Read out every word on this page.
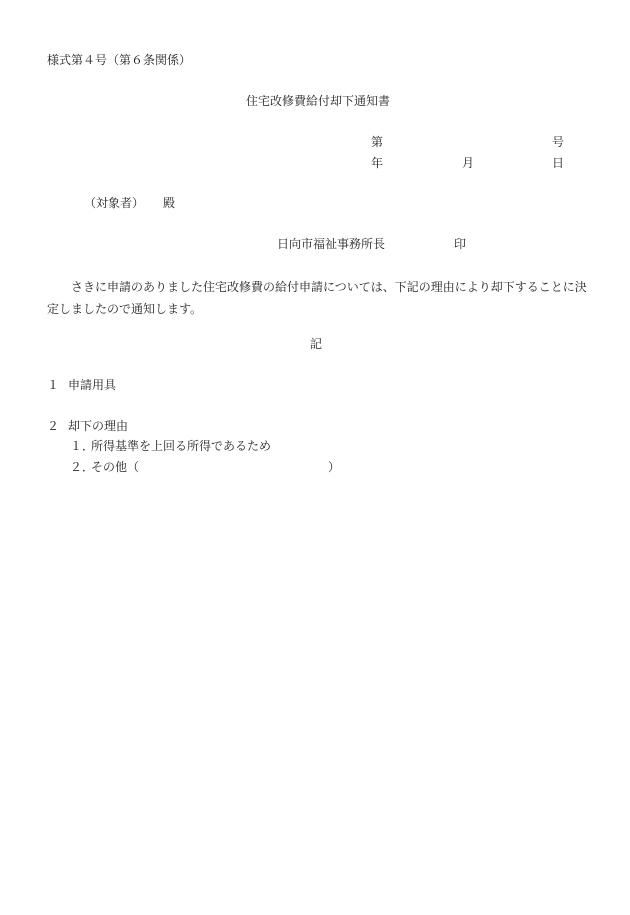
様式第４号（第６条関係）
住宅改修費給付却下通知書
第	号
年	月	日
（対象者） 殿
日向市福祉事務所長	印
さきに申請のありました住宅改修費の給付申請については、下記の理由により却下することに決定しましたので通知します。
記
１ 申請用具
２ 却下の理由
１．
所得基準を上回る所得であるため
２．
その他（	）
